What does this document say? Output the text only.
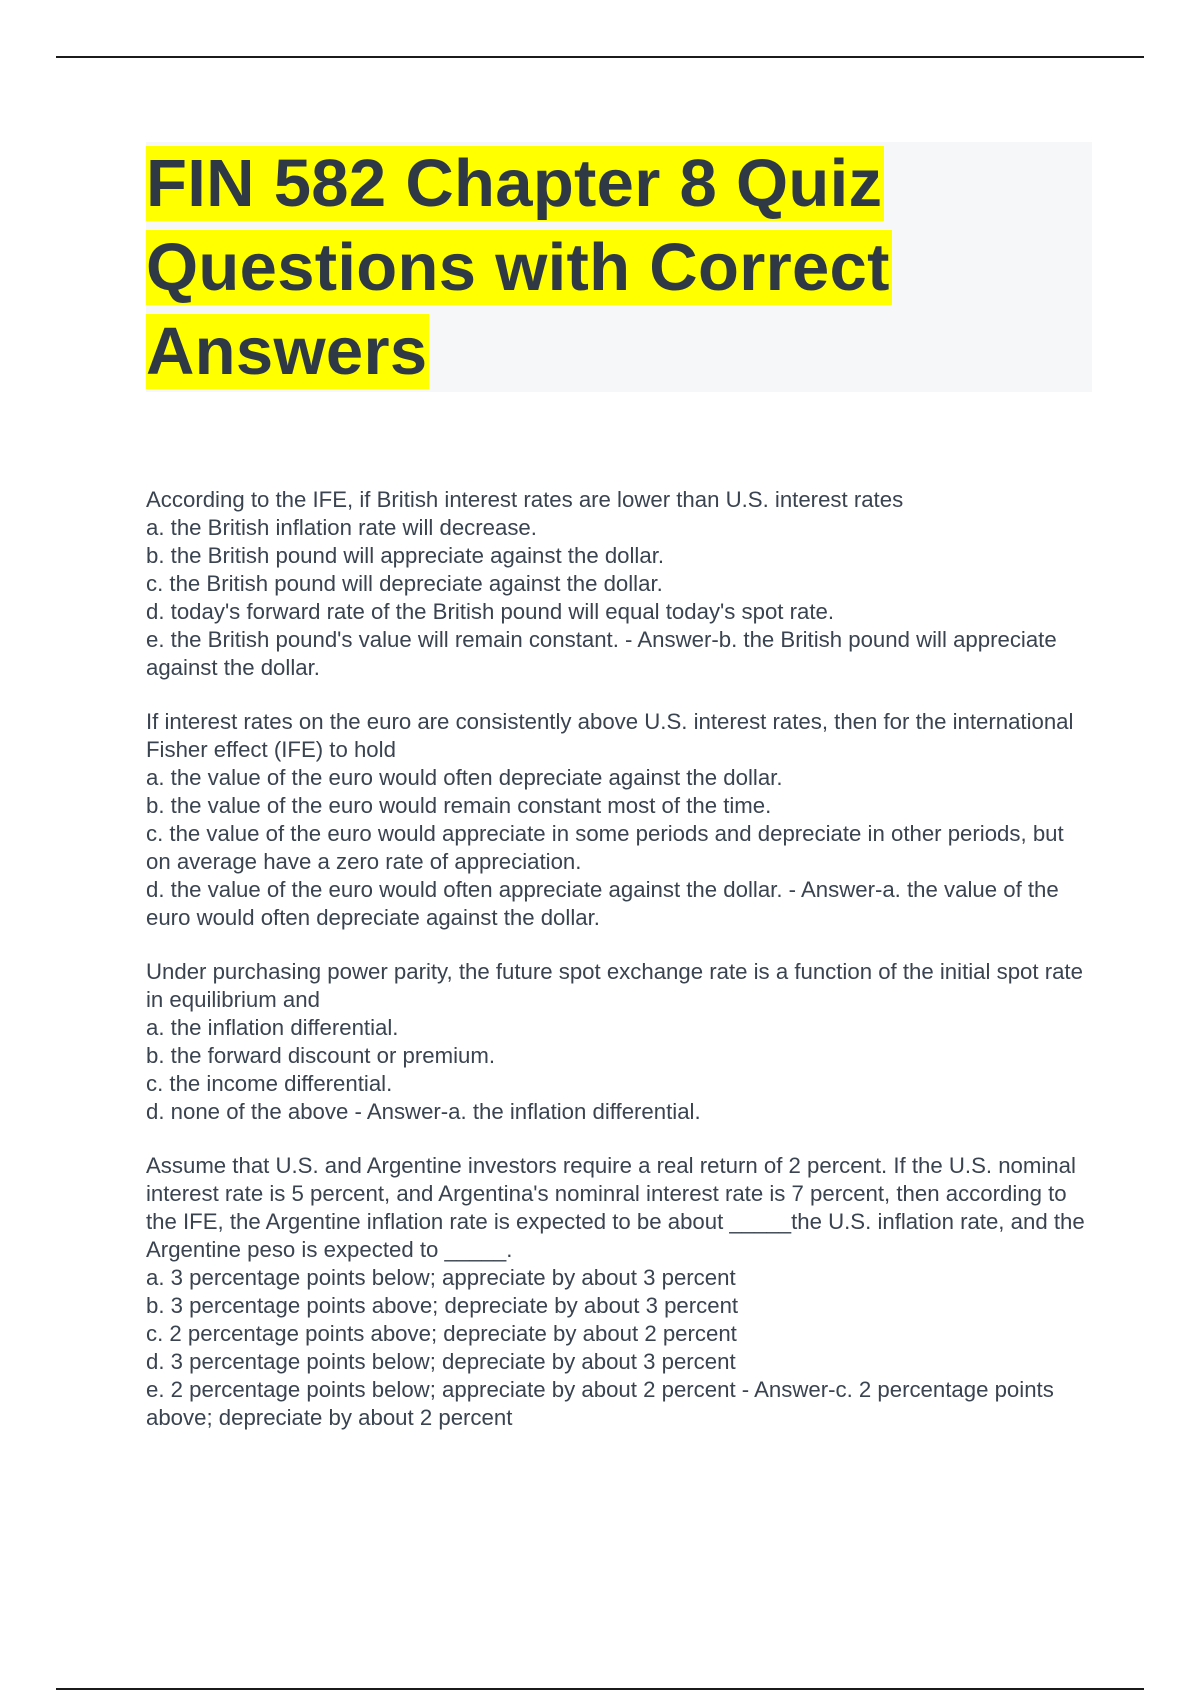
FIN 582 Chapter 8 Quiz
Questions with Correct
Answers
According to the IFE, if British interest rates are lower than U.S. interest rates
a. the British inflation rate will decrease.
b. the British pound will appreciate against the dollar.
c. the British pound will depreciate against the dollar.
d. today's forward rate of the British pound will equal today's spot rate.
e. the British pound's value will remain constant. - Answer-b. the British pound will appreciate against the dollar.
If interest rates on the euro are consistently above U.S. interest rates, then for the international Fisher effect (IFE) to hold
a. the value of the euro would often depreciate against the dollar.
b. the value of the euro would remain constant most of the time.
c. the value of the euro would appreciate in some periods and depreciate in other periods, but on average have a zero rate of appreciation.
d. the value of the euro would often appreciate against the dollar. - Answer-a. the value of the euro would often depreciate against the dollar.
Under purchasing power parity, the future spot exchange rate is a function of the initial spot rate in equilibrium and
a. the inflation differential.
b. the forward discount or premium.
c. the income differential.
d. none of the above - Answer-a. the inflation differential.
Assume that U.S. and Argentine investors require a real return of 2 percent. If the U.S. nominal interest rate is 5 percent, and Argentina's nominral interest rate is 7 percent, then according to the IFE, the Argentine inflation rate is expected to be about _____the U.S. inflation rate, and the Argentine peso is expected to _____.
a. 3 percentage points below; appreciate by about 3 percent
b. 3 percentage points above; depreciate by about 3 percent
c. 2 percentage points above; depreciate by about 2 percent
d. 3 percentage points below; depreciate by about 3 percent
e. 2 percentage points below; appreciate by about 2 percent - Answer-c. 2 percentage points above; depreciate by about 2 percent
